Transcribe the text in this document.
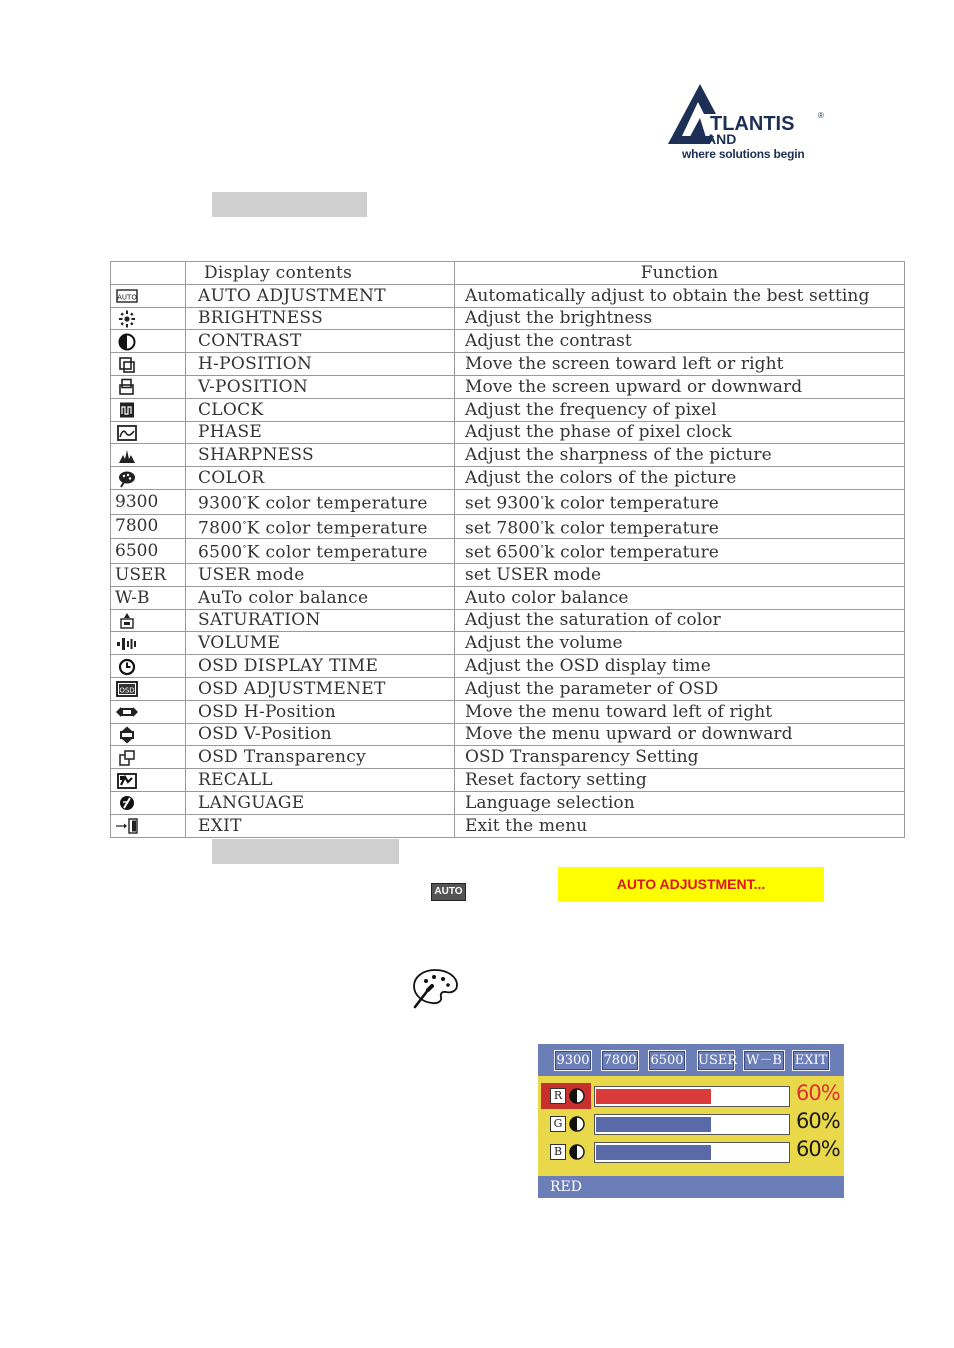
TLANTIS	®
AND
where solutions begin
	Display contents	Function

AUTO	AUTO ADJUSTMENT	Automatically adjust to obtain the best setting

	BRIGHTNESS	Adjust the brightness

	CONTRAST	Adjust the contrast

	H-POSITION	Move the screen toward left or right

	V-POSITION	Move the screen upward or downward

	CLOCK	Adjust the frequency of pixel

	PHASE	Adjust the phase of pixel clock

	SHARPNESS	Adjust the sharpness of the picture

	COLOR	Adjust the colors of the picture
9300	9300°K color temperature	set 9300°k color temperature
7800	7800°K color temperature	set 7800°k color temperature
6500	6500°K color temperature	set 6500°k color temperature
USER	USER mode	set USER mode
W-B	AuTo color balance	Auto color balance

	SATURATION	Adjust the saturation of color

	VOLUME	Adjust the volume

	OSD DISPLAY TIME	Adjust the OSD display time

OSD	OSD ADJUSTMENET	Adjust the parameter of OSD

	OSD H-Position	Move the menu toward left of right

	OSD V-Position	Move the menu upward or downward

	OSD Transparency	OSD Transparency Setting

	RECALL	Reset factory setting

	LANGUAGE	Language selection

	EXIT	Exit the menu
AUTO	AUTO ADJUSTMENT...
9300 7800 6500 USER W－B EXIT
R	60%
G	60%
B	60%
RED
